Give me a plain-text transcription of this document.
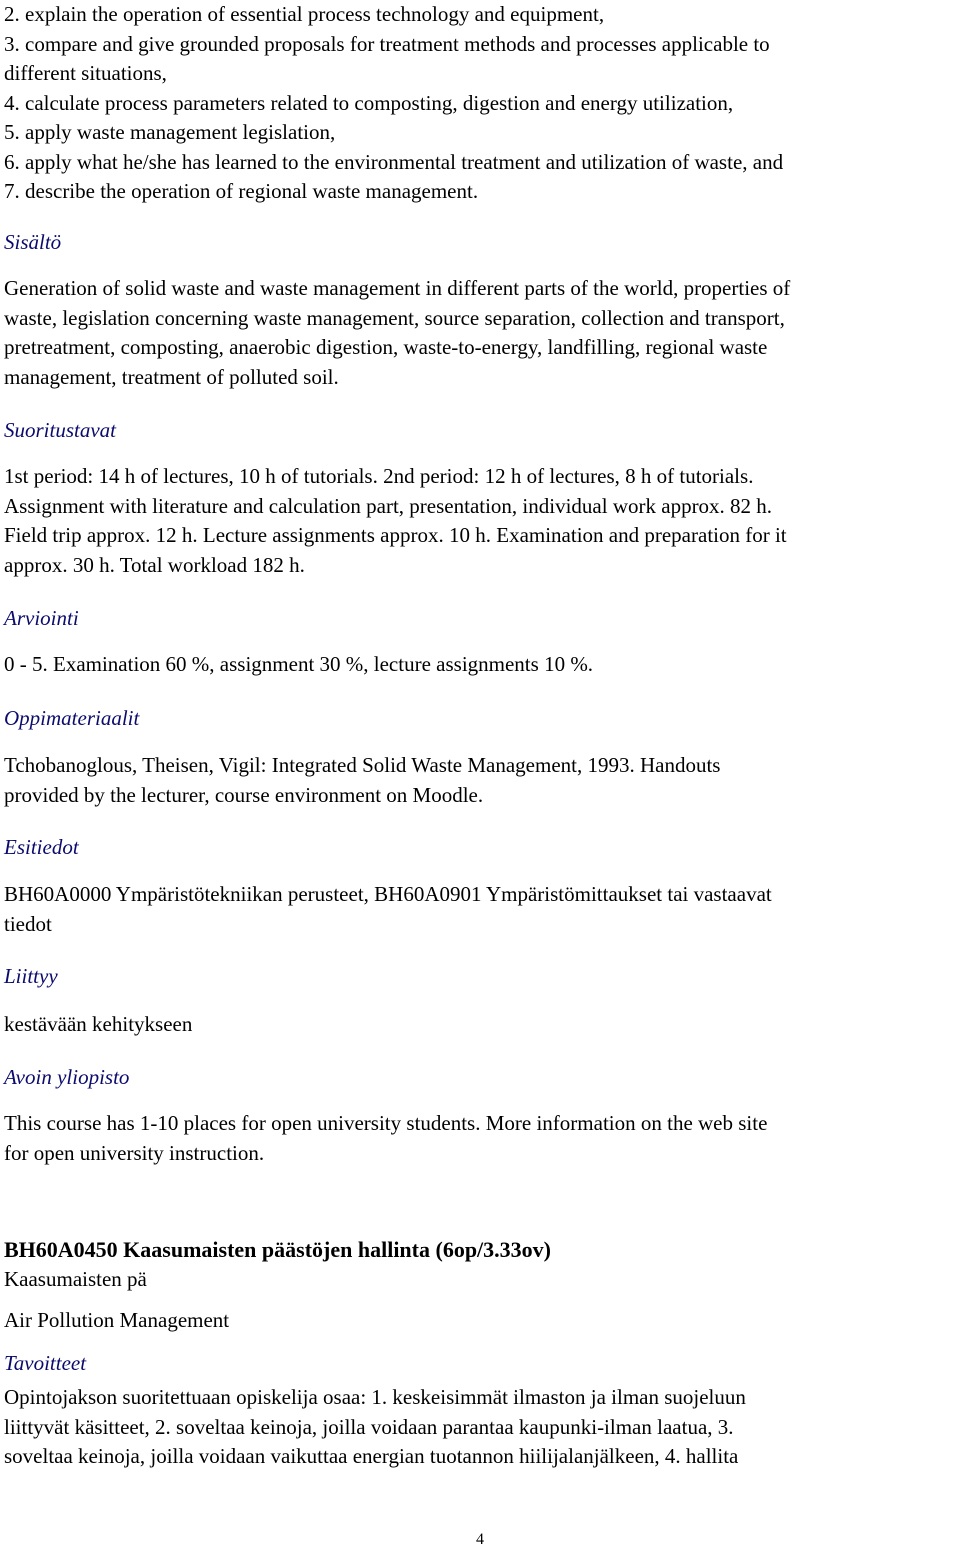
2. explain the operation of essential process technology and equipment,
3. compare and give grounded proposals for treatment methods and processes applicable to
different situations,
4. calculate process parameters related to composting, digestion and energy utilization,
5. apply waste management legislation,
6. apply what he/she has learned to the environmental treatment and utilization of waste, and
7. describe the operation of regional waste management.
Sisältö
Generation of solid waste and waste management in different parts of the world, properties of
waste, legislation concerning waste management, source separation, collection and transport,
pretreatment, composting, anaerobic digestion, waste-to-energy, landfilling, regional waste
management, treatment of polluted soil.
Suoritustavat
1st period: 14 h of lectures, 10 h of tutorials. 2nd period: 12 h of lectures, 8 h of tutorials.
Assignment with literature and calculation part, presentation, individual work approx. 82 h.
Field trip approx. 12 h. Lecture assignments approx. 10 h. Examination and preparation for it
approx. 30 h. Total workload 182 h.
Arviointi
0 - 5. Examination 60 %, assignment 30 %, lecture assignments 10 %.
Oppimateriaalit
Tchobanoglous, Theisen, Vigil: Integrated Solid Waste Management, 1993. Handouts
provided by the lecturer, course environment on Moodle.
Esitiedot
BH60A0000 Ympäristötekniikan perusteet, BH60A0901 Ympäristömittaukset tai vastaavat
tiedot
Liittyy
kestävään kehitykseen
Avoin yliopisto
This course has 1-10 places for open university students. More information on the web site
for open university instruction.
BH60A0450 Kaasumaisten päästöjen hallinta (6op/3.33ov)
Kaasumaisten pä
Air Pollution Management
Tavoitteet
Opintojakson suoritettuaan opiskelija osaa: 1. keskeisimmät ilmaston ja ilman suojeluun
liittyvät käsitteet, 2. soveltaa keinoja, joilla voidaan parantaa kaupunki-ilman laatua, 3.
soveltaa keinoja, joilla voidaan vaikuttaa energian tuotannon hiilijalanjälkeen, 4. hallita
4
